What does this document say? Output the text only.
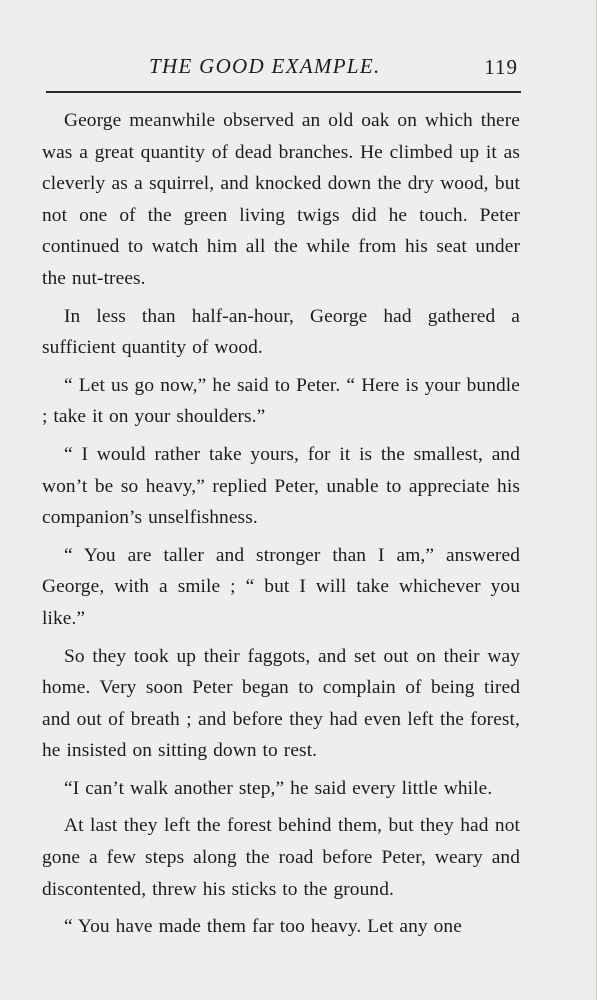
THE GOOD EXAMPLE.	119

George meanwhile observed an old oak on which there was a great quantity of dead branches. He climbed up it as cleverly as a squirrel, and knocked down the dry wood, but not one of the green living twigs did he touch. Peter continued to watch him all the while from his seat under the nut-trees.

In less than half-an-hour, George had gathered a sufficient quantity of wood.

“ Let us go now,” he said to Peter. “ Here is your bundle ; take it on your shoulders.”

“ I would rather take yours, for it is the smallest, and won’t be so heavy,” replied Peter, unable to appreciate his companion’s unselfishness.

“ You are taller and stronger than I am,” answered George, with a smile ; “ but I will take whichever you like.”

So they took up their faggots, and set out on their way home. Very soon Peter began to complain of being tired and out of breath ; and before they had even left the forest, he insisted on sitting down to rest.

“I can’t walk another step,” he said every little while.

At last they left the forest behind them, but they had not gone a few steps along the road before Peter, weary and discontented, threw his sticks to the ground.

“ You have made them far too heavy. Let any one
